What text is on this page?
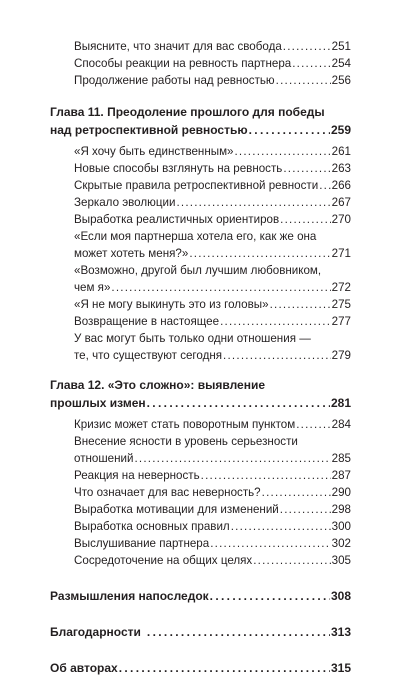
Выясните, что значит для вас свобода . . .	251
Способы реакции на ревность партнера . . .	254
Продолжение работы над ревностью . . .	256
Глава 11. Преодоление прошлого для победы
над ретроспективной ревностью . . .	259
«Я хочу быть единственным» . . .	261
Новые способы взглянуть на ревность . . .	263
Скрытые правила ретроспективной ревности . . . 266
Зеркало эволюции . . .	267
Выработка реалистичных ориентиров . . .	270
«Если моя партнерша хотела его, как же она
может хотеть меня?» . . .	271
«Возможно, другой был лучшим любовником,
чем я» . . .	272
«Я не могу выкинуть это из головы» . . .	275
Возвращение в настоящее . . .	277
У вас могут быть только одни отношения —
те, что существуют сегодня . . .	279
Глава 12. «Это сложно»: выявление
прошлых измен . . .	281
Кризис может стать поворотным пунктом . . .	284
Внесение ясности в уровень серьезности
отношений . . .	285
Реакция на неверность . . .	287
Что означает для вас неверность? . . .	290
Выработка мотивации для изменений . . .	298
Выработка основных правил . . .	300
Выслушивание партнера . . .	302
Сосредоточение на общих целях . . .	305
Размышления напоследок . . .	308
Благодарности . . .	313
Об авторах . . .	315
